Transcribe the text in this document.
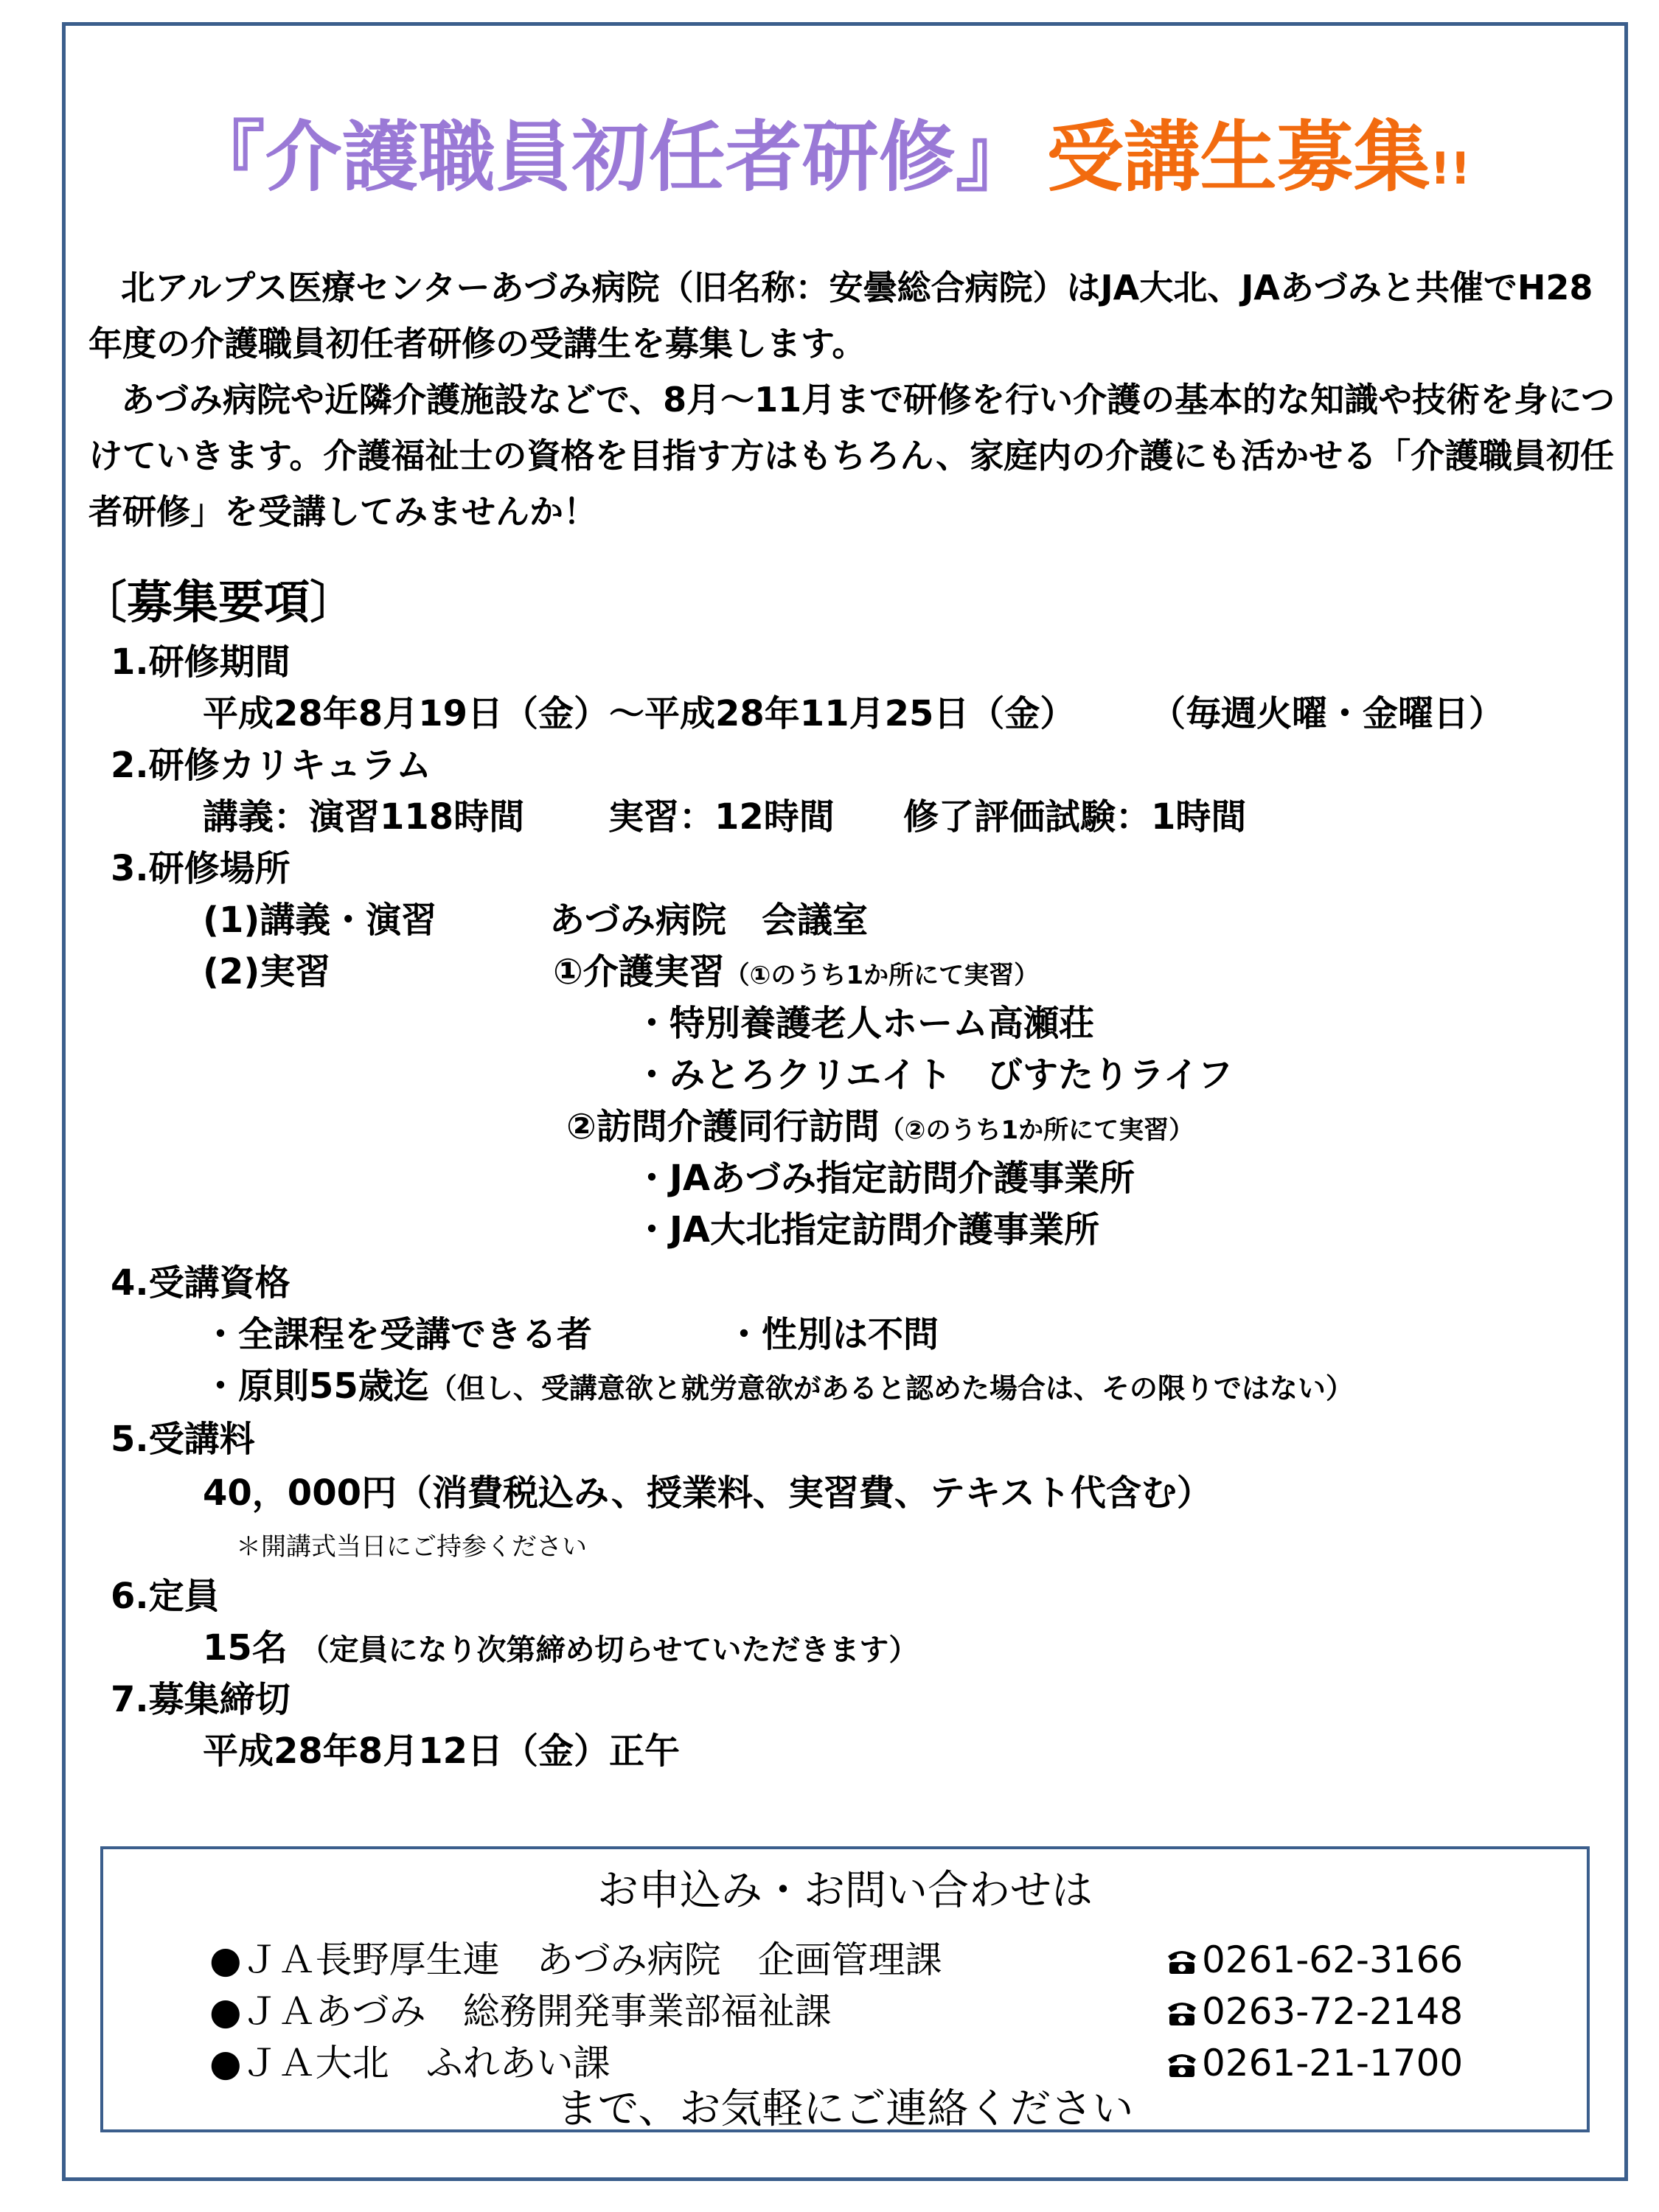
『介護職員初任者研修』 受講生募集!!

北アルプス医療センターあづみ病院（旧名称：安曇総合病院）はJA大北、JAあづみと共催でH28年度の介護職員初任者研修の受講生を募集します。

あづみ病院や近隣介護施設などで、8月～11月まで研修を行い介護の基本的な知識や技術を身につけていきます。介護福祉士の資格を目指す方はもちろん、家庭内の介護にも活かせる「介護職員初任者研修」を受講してみませんか！

〔募集要項〕
1.研修期間
平成28年8月19日（金）～平成28年11月25日（金） （毎週火曜・金曜日）
2.研修カリキュラム
講義：演習118時間 実習：12時間 修了評価試験：1時間
3.研修場所
(1)講義・演習	あづみ病院　会議室
(2)実習	①介護実習（①のうち1か所にて実習）
・特別養護老人ホーム高瀬荘
・みとろクリエイト　びすたりライフ
②訪問介護同行訪問（②のうち1か所にて実習）
・JAあづみ指定訪問介護事業所
・JA大北指定訪問介護事業所
4.受講資格
・全課程を受講できる者	・性別は不問
・原則55歳迄（但し、受講意欲と就労意欲があると認めた場合は、その限りではない）
5.受講料
40，000円（消費税込み、授業料、実習費、テキスト代含む）
＊開講式当日にご持参ください
6.定員
15名 （定員になり次第締め切らせていただきます）
7.募集締切
平成28年8月12日（金）正午
お申込み・お問い合わせは
●ＪＡ長野厚生連　あづみ病院　企画管理課	0261-62-3166
●ＪＡあづみ　総務開発事業部福祉課	0263-72-2148
●ＪＡ大北　ふれあい課	0261-21-1700
まで、お気軽にご連絡ください
